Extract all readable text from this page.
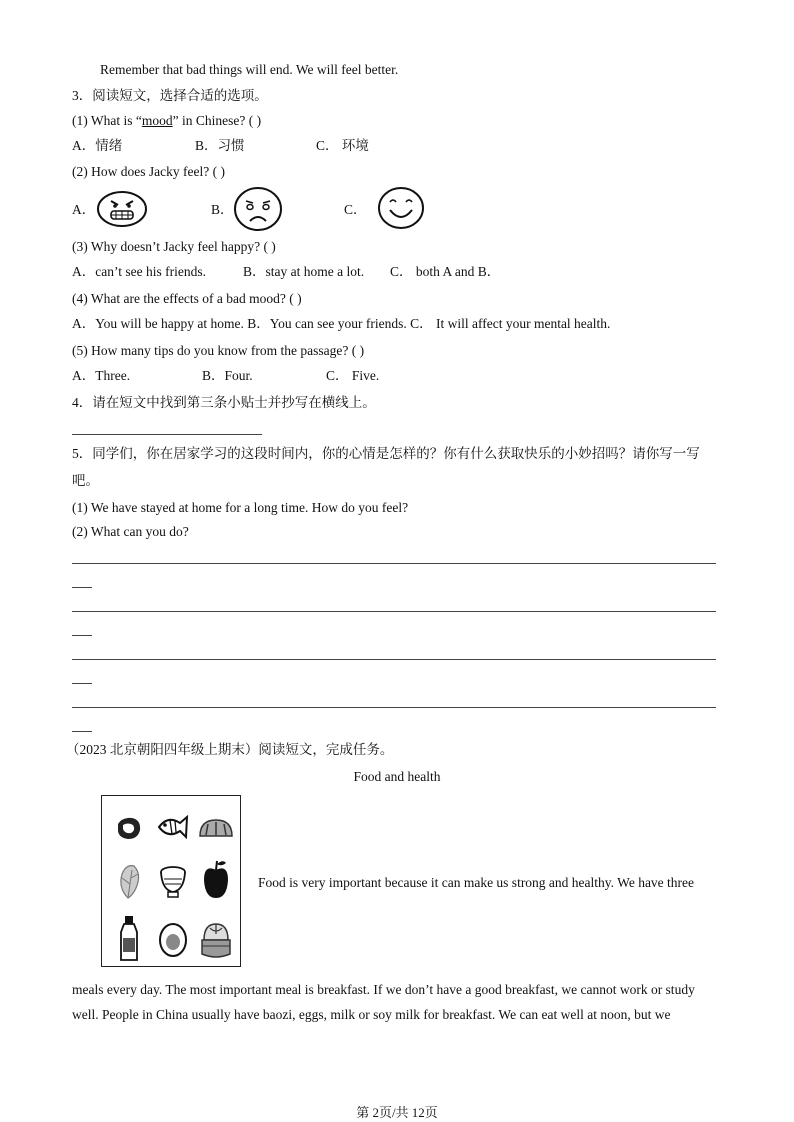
Remember that bad things will end. We will feel better.
3．阅读短文，选择合适的选项。
(1) What is “mood” in Chinese? ( )
A．情绪	B．习惯	C． 环境
(2) How does Jacky feel? ( )
A．	B．	C．
(3) Why doesn’t Jacky feel happy? ( )
A．can’t see his friends.	B．stay at home a lot. C． both A and B．
(4) What are the effects of a bad mood? ( )
A．You will be happy at home. B．You can see your friends. C． It will affect your mental health.
(5) How many tips do you know from the passage? ( )
A．Three.	B．Four.	C． Five.
4．请在短文中找到第三条小贴士并抄写在横线上。
5．同学们，你在居家学习的这段时间内，你的心情是怎样的？你有什么获取快乐的小妙招吗？请你写一写
吧。
(1) We have stayed at home for a long time. How do you feel?
(2) What can you do?
（2023 北京朝阳四年级上期末）阅读短文，完成任务。
Food and health
Food is very important because it can make us strong and healthy. We have three
meals every day. The most important meal is breakfast. If we don’t have a good breakfast, we cannot work or study
well. People in China usually have baozi, eggs, milk or soy milk for breakfast. We can eat well at noon, but we
第 2页/共 12页
